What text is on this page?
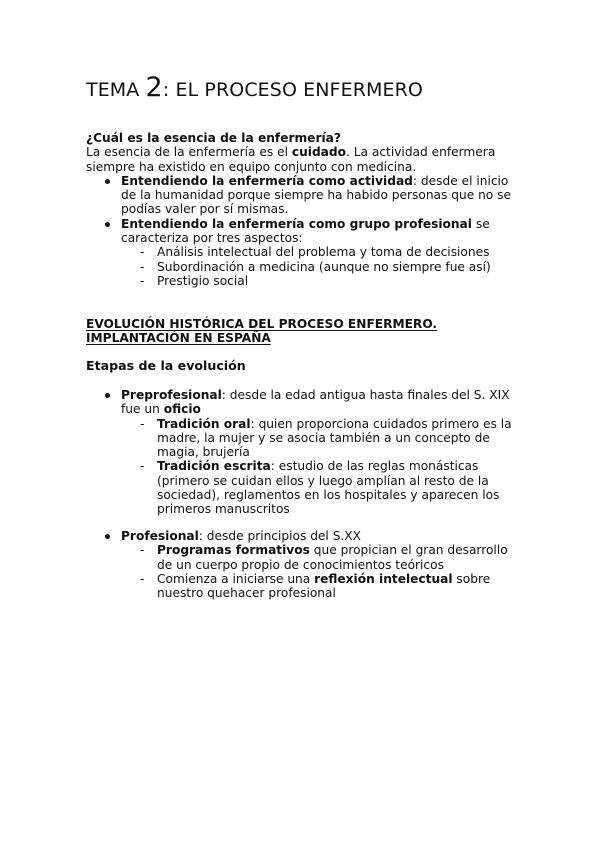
TEMA 2: EL PROCESO ENFERMERO

¿Cuál es la esencia de la enfermería?

La esencia de la enfermería es el cuidado. La actividad enfermera siempre ha existido en equipo conjunto con medicina.

Entendiendo la enfermería como actividad: desde el inicio de la humanidad porque siempre ha habido personas que no se podías valer por sí mismas.
Entendiendo la enfermería como grupo profesional se caracteriza por tres aspectos:
- Análisis intelectual del problema y toma de decisiones
- Subordinación a medicina (aunque no siempre fue así)
- Prestigio social

EVOLUCIÓN HISTÓRICA DEL PROCESO ENFERMERO. IMPLANTACIÓN EN ESPAÑA

Etapas de la evolución

Preprofesional: desde la edad antigua hasta finales del S. XIX fue un oficio
- Tradición oral: quien proporciona cuidados primero es la madre, la mujer y se asocia también a un concepto de magia, brujería
- Tradición escrita: estudio de las reglas monásticas (primero se cuidan ellos y luego amplían al resto de la sociedad), reglamentos en los hospitales y aparecen los primeros manuscritos
Profesional: desde principios del S.XX
- Programas formativos que propician el gran desarrollo de un cuerpo propio de conocimientos teóricos
- Comienza a iniciarse una reflexión intelectual sobre nuestro quehacer profesional
